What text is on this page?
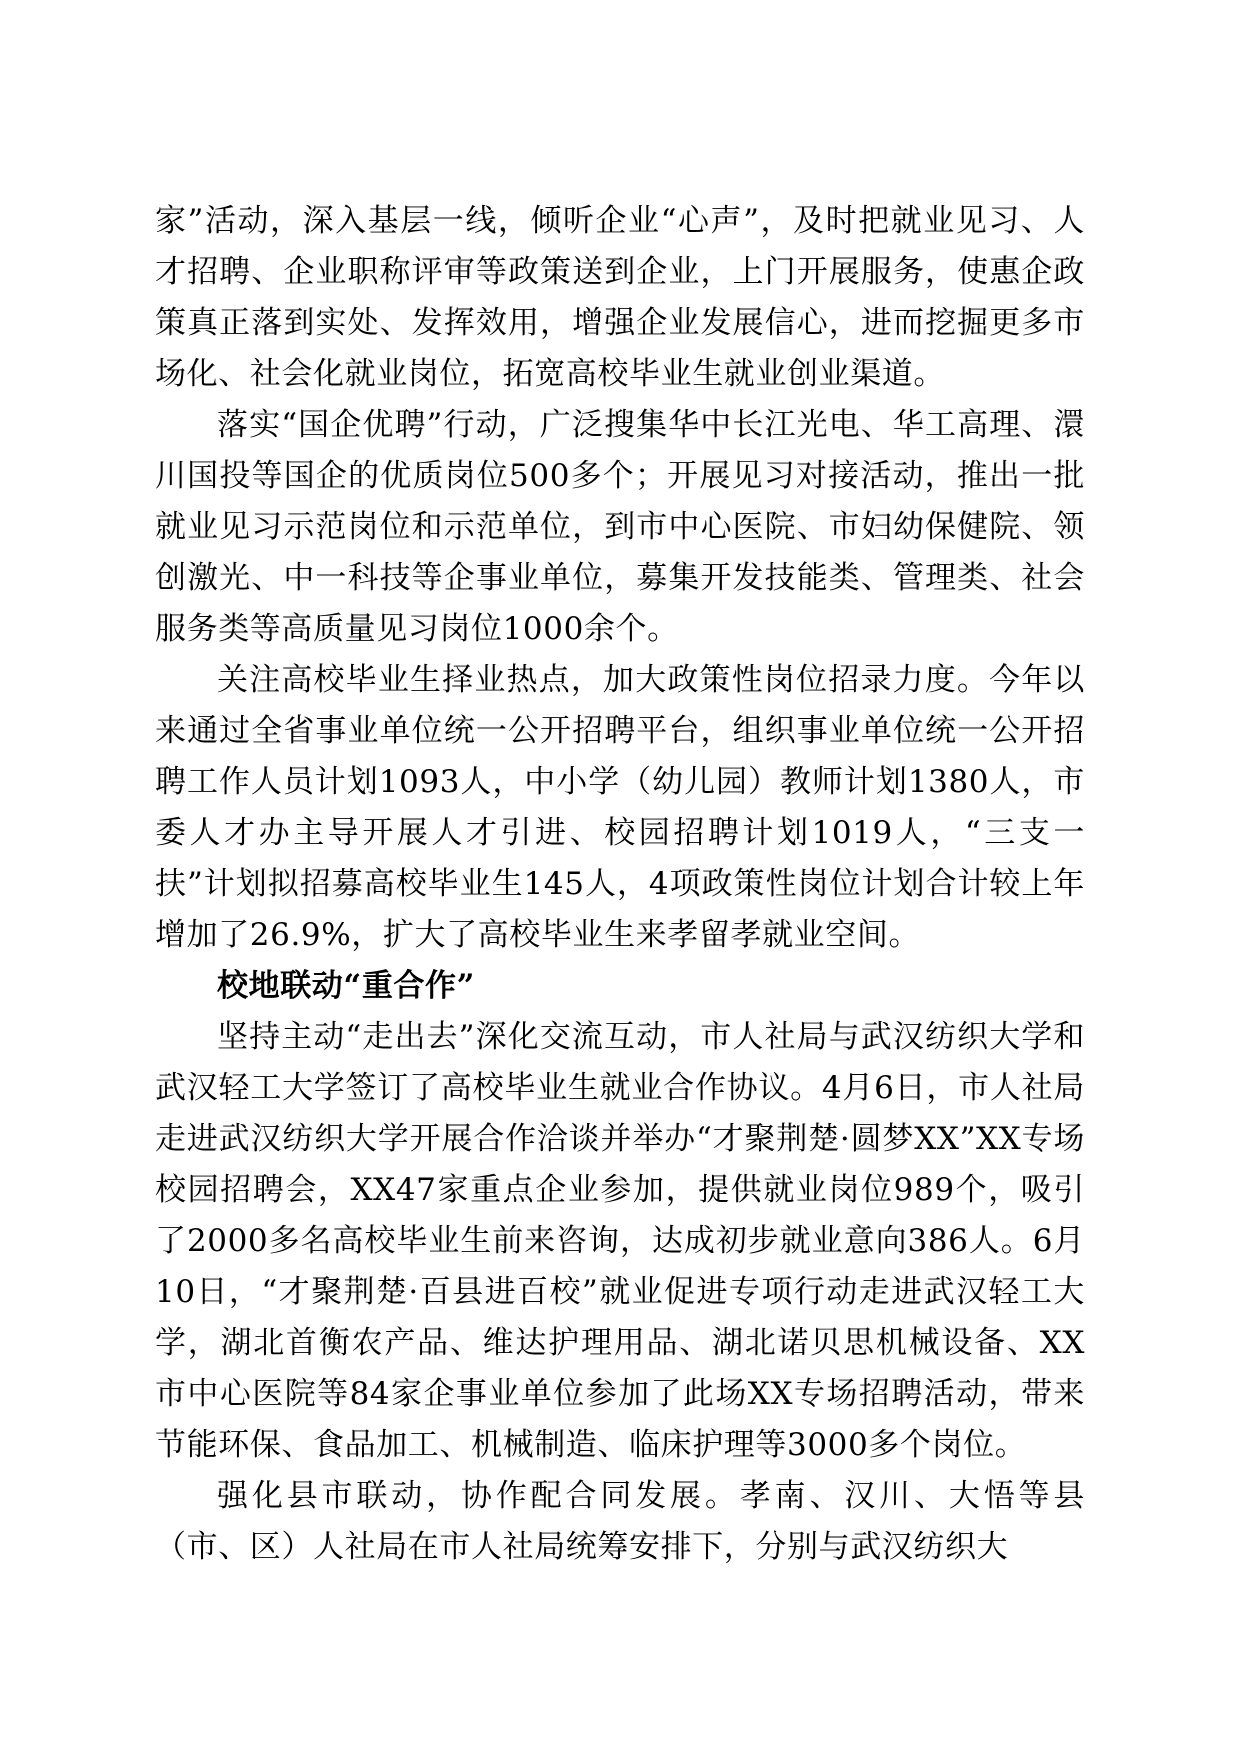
家”活动，深入基层一线，倾听企业“心声”，及时把就业见习、人才招聘、企业职称评审等政策送到企业，上门开展服务，使惠企政策真正落到实处、发挥效用，增强企业发展信心，进而挖掘更多市场化、社会化就业岗位，拓宽高校毕业生就业创业渠道。

落实“国企优聘”行动，广泛搜集华中长江光电、华工高理、澴川国投等国企的优质岗位500多个；开展见习对接活动，推出一批就业见习示范岗位和示范单位，到市中心医院、市妇幼保健院、领创激光、中一科技等企事业单位，募集开发技能类、管理类、社会服务类等高质量见习岗位1000余个。

关注高校毕业生择业热点，加大政策性岗位招录力度。今年以来通过全省事业单位统一公开招聘平台，组织事业单位统一公开招聘工作人员计划1093人，中小学（幼儿园）教师计划1380人，市委人才办主导开展人才引进、校园招聘计划1019人，“三支一扶”计划拟招募高校毕业生145人，4项政策性岗位计划合计较上年增加了26.9%，扩大了高校毕业生来孝留孝就业空间。

校地联动“重合作”

坚持主动“走出去”深化交流互动，市人社局与武汉纺织大学和武汉轻工大学签订了高校毕业生就业合作协议。4月6日，市人社局走进武汉纺织大学开展合作洽谈并举办“才聚荆楚·圆梦XX”XX专场校园招聘会，XX47家重点企业参加，提供就业岗位989个，吸引了2000多名高校毕业生前来咨询，达成初步就业意向386人。6月10日，“才聚荆楚·百县进百校”就业促进专项行动走进武汉轻工大学，湖北首衡农产品、维达护理用品、湖北诺贝思机械设备、XX市中心医院等84家企事业单位参加了此场XX专场招聘活动，带来节能环保、食品加工、机械制造、临床护理等3000多个岗位。

强化县市联动，协作配合同发展。孝南、汉川、大悟等县（市、区）人社局在市人社局统筹安排下，分别与武汉纺织大
